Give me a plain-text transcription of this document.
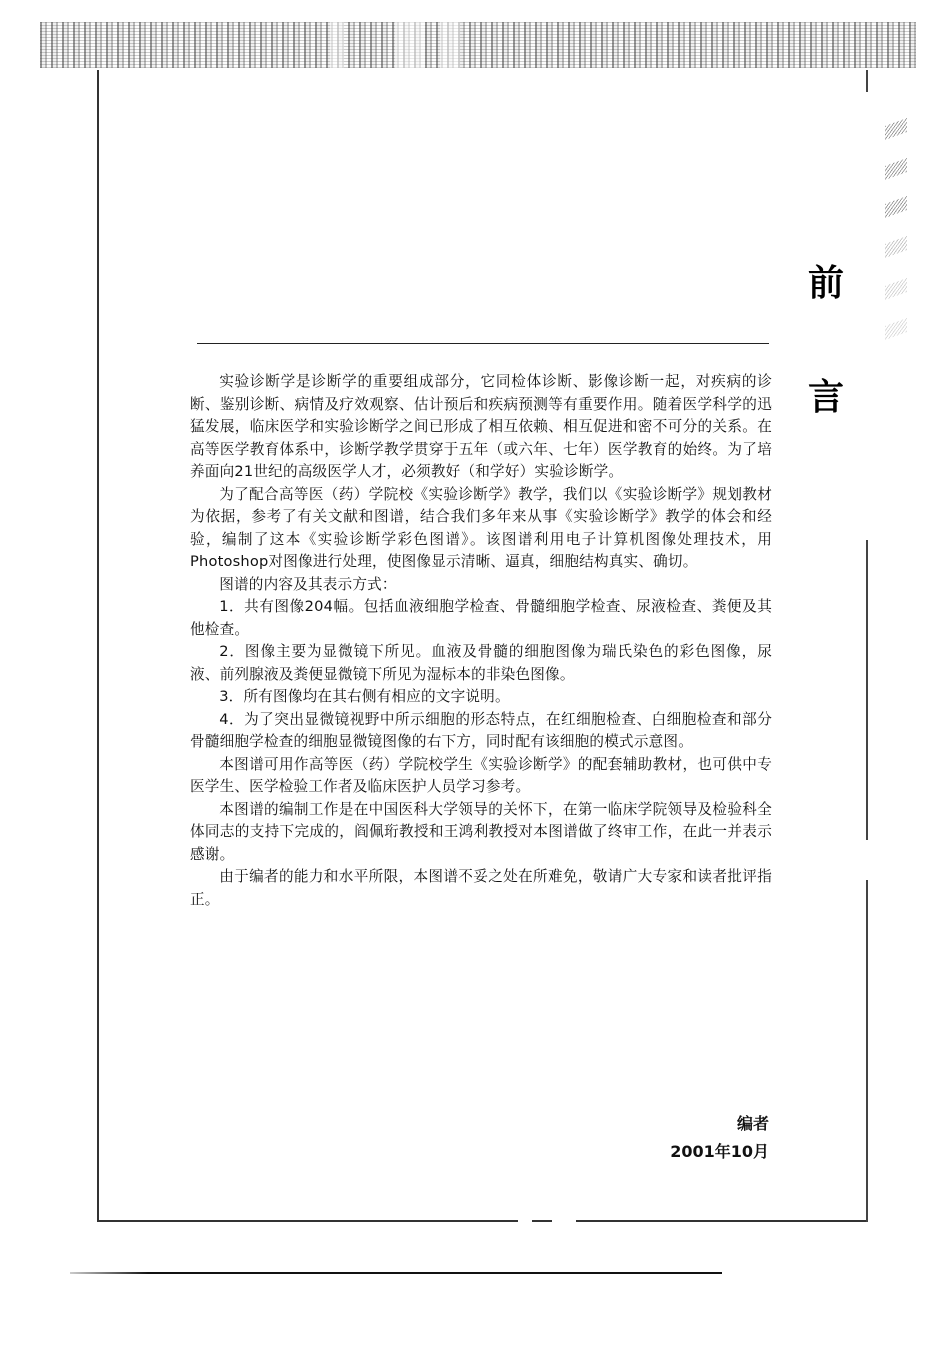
前
言

实验诊断学是诊断学的重要组成部分，它同检体诊断、影像诊断一起，对疾病的诊断、鉴别诊断、病情及疗效观察、估计预后和疾病预测等有重要作用。随着医学科学的迅猛发展，临床医学和实验诊断学之间已形成了相互依赖、相互促进和密不可分的关系。在高等医学教育体系中，诊断学教学贯穿于五年（或六年、七年）医学教育的始终。为了培养面向21世纪的高级医学人才，必须教好（和学好）实验诊断学。

为了配合高等医（药）学院校《实验诊断学》教学，我们以《实验诊断学》规划教材为依据，参考了有关文献和图谱，结合我们多年来从事《实验诊断学》教学的体会和经验，编制了这本《实验诊断学彩色图谱》。该图谱利用电子计算机图像处理技术，用Photoshop对图像进行处理，使图像显示清晰、逼真，细胞结构真实、确切。

图谱的内容及其表示方式：

1．共有图像204幅。包括血液细胞学检查、骨髓细胞学检查、尿液检查、粪便及其他检查。

2．图像主要为显微镜下所见。血液及骨髓的细胞图像为瑞氏染色的彩色图像，尿液、前列腺液及粪便显微镜下所见为湿标本的非染色图像。

3．所有图像均在其右侧有相应的文字说明。

4．为了突出显微镜视野中所示细胞的形态特点，在红细胞检查、白细胞检查和部分骨髓细胞学检查的细胞显微镜图像的右下方，同时配有该细胞的模式示意图。

本图谱可用作高等医（药）学院校学生《实验诊断学》的配套辅助教材，也可供中专医学生、医学检验工作者及临床医护人员学习参考。

本图谱的编制工作是在中国医科大学领导的关怀下，在第一临床学院领导及检验科全体同志的支持下完成的，阎佩珩教授和王鸿利教授对本图谱做了终审工作，在此一并表示感谢。

由于编者的能力和水平所限，本图谱不妥之处在所难免，敬请广大专家和读者批评指正。

编者
2001年10月
